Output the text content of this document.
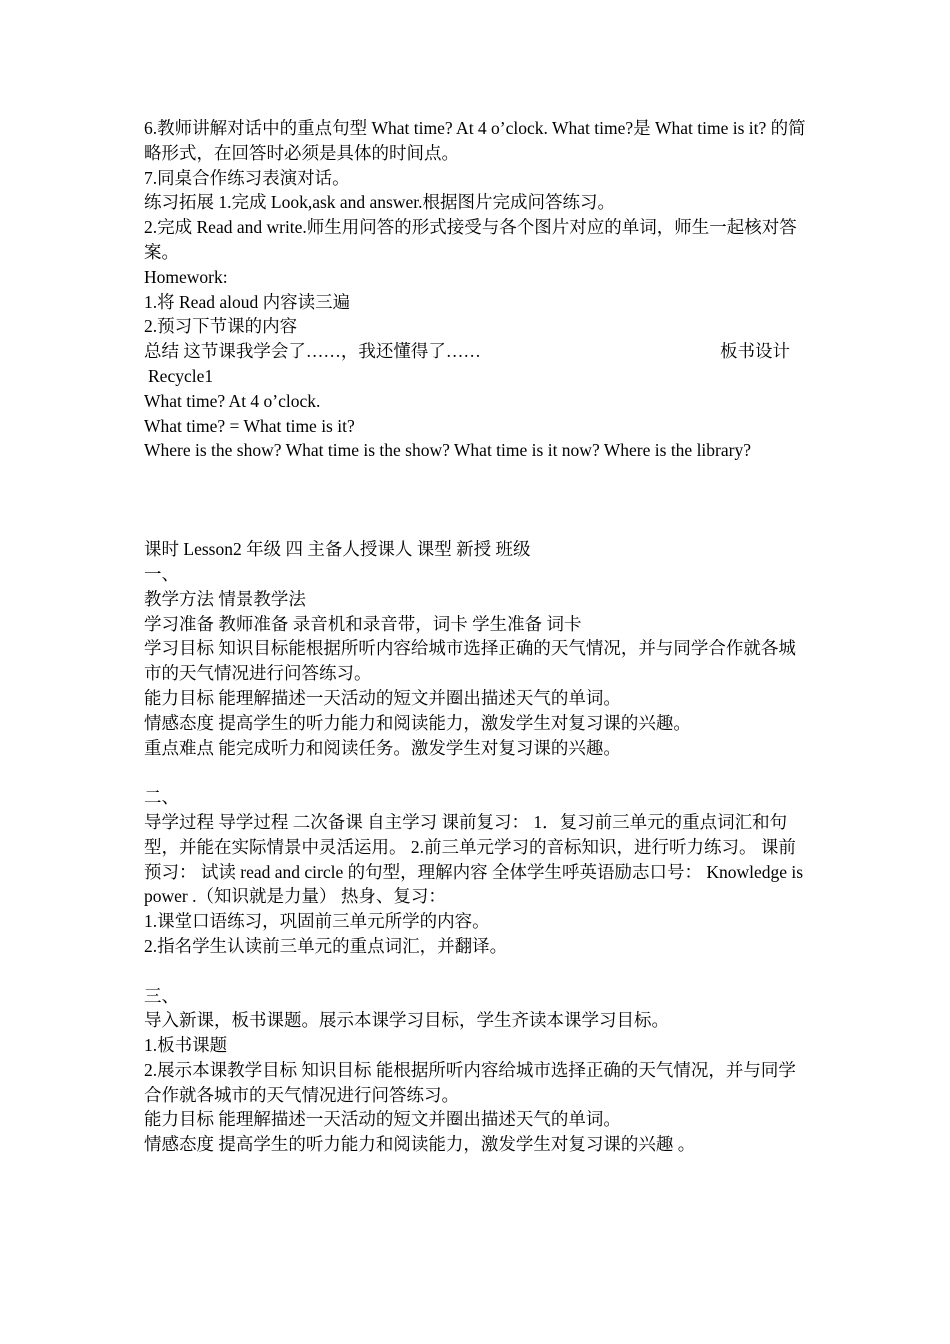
6.教师讲解对话中的重点句型 What time? At 4 o’clock. What time?是 What time is it? 的简略形式，在回答时必须是具体的时间点。

7.同桌合作练习表演对话。

练习拓展 1.完成 Look,ask and answer.根据图片完成问答练习。

2.完成 Read and write.师生用问答的形式接受与各个图片对应的单词，师生一起核对答案。

Homework:

1.将 Read aloud 内容读三遍

2.预习下节课的内容

总结 这节课我学会了……，我还懂得了……	板书设计

Recycle1

What time? At 4 o’clock.

What time? = What time is it?

Where is the show? What time is the show? What time is it now? Where is the library?

课时 Lesson2 年级 四 主备人授课人 课型 新授 班级

一、

教学方法 情景教学法

学习准备 教师准备 录音机和录音带，词卡 学生准备 词卡

学习目标 知识目标能根据所听内容给城市选择正确的天气情况，并与同学合作就各城市的天气情况进行问答练习。

能力目标 能理解描述一天活动的短文并圈出描述天气的单词。

情感态度 提高学生的听力能力和阅读能力，激发学生对复习课的兴趣。

重点难点 能完成听力和阅读任务。激发学生对复习课的兴趣。

二、

导学过程 导学过程 二次备课 自主学习 课前复习： 1．复习前三单元的重点词汇和句型，并能在实际情景中灵活运用。 2.前三单元学习的音标知识，进行听力练习。 课前预习： 试读 read and circle 的句型，理解内容 全体学生呼英语励志口号： Knowledge is power .（知识就是力量） 热身、复习：

1.课堂口语练习，巩固前三单元所学的内容。

2.指名学生认读前三单元的重点词汇，并翻译。

三、

导入新课，板书课题。展示本课学习目标，学生齐读本课学习目标。

1.板书课题

2.展示本课教学目标 知识目标 能根据所听内容给城市选择正确的天气情况，并与同学合作就各城市的天气情况进行问答练习。

能力目标 能理解描述一天活动的短文并圈出描述天气的单词。

情感态度 提高学生的听力能力和阅读能力，激发学生对复习课的兴趣 。
